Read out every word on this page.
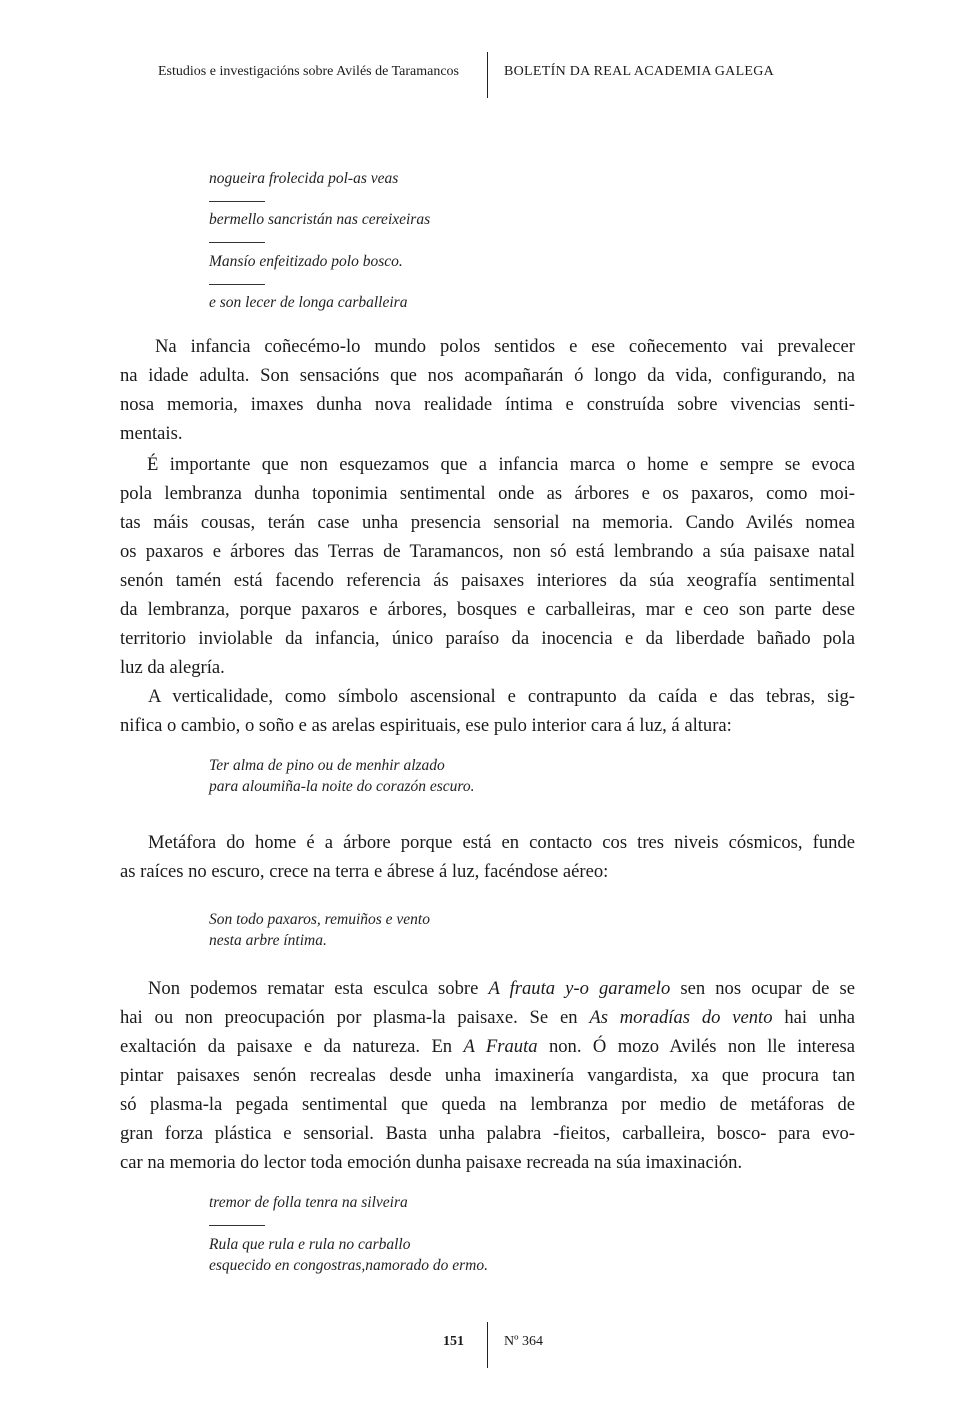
Estudios e investigacións sobre Avilés de Taramancos	BOLETÍN DA REAL ACADEMIA GALEGA
nogueira frolecida pol-as veas
bermello sancristán nas cereixeiras
Mansío enfeitizado polo bosco.
e son lecer de longa carballeira
Na infancia coñecémo-lo mundo polos sentidos e ese coñecemento vai prevalecer
na idade adulta. Son sensacións que nos acompañarán ó longo da vida, configurando, na
nosa memoria, imaxes dunha nova realidade íntima e construída sobre vivencias senti-
mentais.
É importante que non esquezamos que a infancia marca o home e sempre se evoca
pola lembranza dunha toponimia sentimental onde as árbores e os paxaros, como moi-
tas máis cousas, terán case unha presencia sensorial na memoria. Cando Avilés nomea
os paxaros e árbores das Terras de Taramancos, non só está lembrando a súa paisaxe natal
senón tamén está facendo referencia ás paisaxes interiores da súa xeografía sentimental
da lembranza, porque paxaros e árbores, bosques e carballeiras, mar e ceo son parte dese
territorio inviolable da infancia, único paraíso da inocencia e da liberdade bañado pola
luz da alegría.
A verticalidade, como símbolo ascensional e contrapunto da caída e das tebras, sig-
nifica o cambio, o soño e as arelas espirituais, ese pulo interior cara á luz, á altura:
Metáfora do home é a árbore porque está en contacto cos tres niveis cósmicos, funde
as raíces no escuro, crece na terra e ábrese á luz, facéndose aéreo:
Non podemos rematar esta esculca sobre A frauta y-o garamelo sen nos ocupar de se
hai ou non preocupación por plasma-la paisaxe. Se en As moradías do vento hai unha
exaltación da paisaxe e da natureza. En A Frauta non. Ó mozo Avilés non lle interesa
pintar paisaxes senón recrealas desde unha imaxinería vangardista, xa que procura tan
só plasma-la pegada sentimental que queda na lembranza por medio de metáforas de
gran forza plástica e sensorial. Basta unha palabra -fieitos, carballeira, bosco- para evo-
car na memoria do lector toda emoción dunha paisaxe recreada na súa imaxinación.
Ter alma de pino ou de menhir alzado
para aloumiña-la noite do corazón escuro.
Son todo paxaros, remuiños e vento
nesta arbre íntima.
tremor de folla tenra na silveira
Rula que rula e rula no carballo
esquecido en congostras,namorado do ermo.
151	Nº 364
